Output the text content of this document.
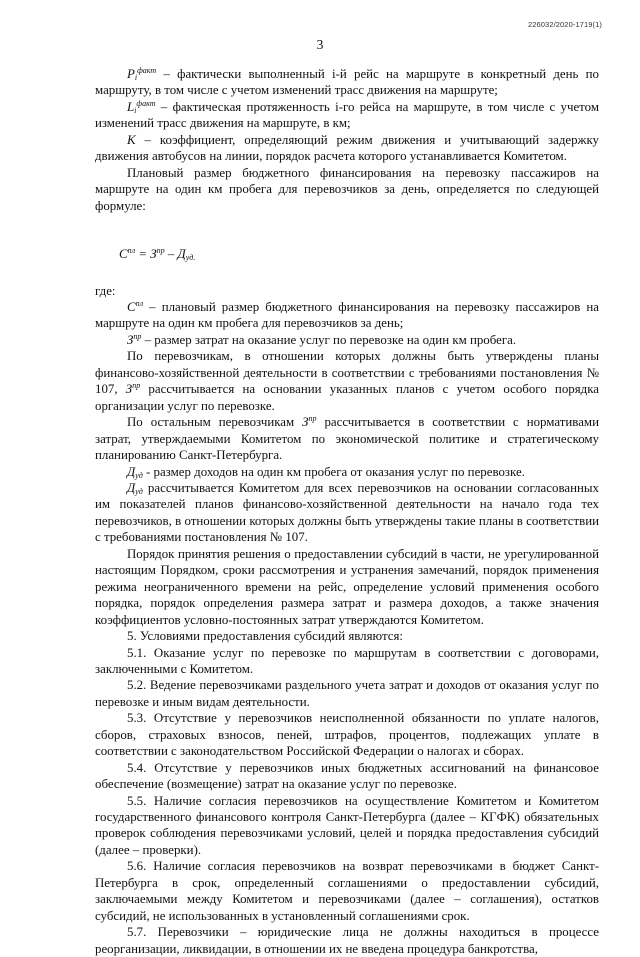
226032/2020-1719(1)
3

$P_i^{факт}$ – фактически выполненный i-й рейс на маршруте в конкретный день по маршруту, в том числе с учетом изменений трасс движения на маршруте;

$L_i^{факт}$ – фактическая протяженность i-го рейса на маршруте, в том числе с учетом изменений трасс движения на маршруте, в км;

K – коэффициент, определяющий режим движения и учитывающий задержку движения автобусов на линии, порядок расчета которого устанавливается Комитетом.

Плановый размер бюджетного финансирования на перевозку пассажиров на маршруте на один км пробега для перевозчиков за день, определяется по следующей формуле:

$C^{пл} = З^{пр} - Д_{уд.}$

где:

$C^{пл}$ – плановый размер бюджетного финансирования на перевозку пассажиров на маршруте на один км пробега для перевозчиков за день;

$З^{пр}$ – размер затрат на оказание услуг по перевозке на один км пробега.

По перевозчикам, в отношении которых должны быть утверждены планы финансово-хозяйственной деятельности в соответствии с требованиями постановления № 107, $З^{пр}$ рассчитывается на основании указанных планов с учетом особого порядка организации услуг по перевозке.

По остальным перевозчикам $З^{пр}$ рассчитывается в соответствии с нормативами затрат, утверждаемыми Комитетом по экономической политике и стратегическому планированию Санкт-Петербурга.

$Д_{уд}$ - размер доходов на один км пробега от оказания услуг по перевозке.

$Д_{уд}$ рассчитывается Комитетом для всех перевозчиков на основании согласованных им показателей планов финансово-хозяйственной деятельности на начало года тех перевозчиков, в отношении которых должны быть утверждены такие планы в соответствии с требованиями постановления № 107.

Порядок принятия решения о предоставлении субсидий в части, не урегулированной настоящим Порядком, сроки рассмотрения и устранения замечаний, порядок применения режима неограниченного времени на рейс, определение условий применения особого порядка, порядок определения размера затрат и размера доходов, а также значения коэффициентов условно-постоянных затрат утверждаются Комитетом.

5. Условиями предоставления субсидий являются:

5.1. Оказание услуг по перевозке по маршрутам в соответствии с договорами, заключенными с Комитетом.

5.2. Ведение перевозчиками раздельного учета затрат и доходов от оказания услуг по перевозке и иным видам деятельности.

5.3. Отсутствие у перевозчиков неисполненной обязанности по уплате налогов, сборов, страховых взносов, пеней, штрафов, процентов, подлежащих уплате в соответствии с законодательством Российской Федерации о налогах и сборах.

5.4. Отсутствие у перевозчиков иных бюджетных ассигнований на финансовое обеспечение (возмещение) затрат на оказание услуг по перевозке.

5.5. Наличие согласия перевозчиков на осуществление Комитетом и Комитетом государственного финансового контроля Санкт-Петербурга (далее – КГФК) обязательных проверок соблюдения перевозчиками условий, целей и порядка предоставления субсидий (далее – проверки).

5.6. Наличие согласия перевозчиков на возврат перевозчиками в бюджет Санкт-Петербурга в срок, определенный соглашениями о предоставлении субсидий, заключаемыми между Комитетом и перевозчиками (далее – соглашения), остатков субсидий, не использованных в установленный соглашениями срок.

5.7. Перевозчики – юридические лица не должны находиться в процессе реорганизации, ликвидации, в отношении их не введена процедура банкротства,
